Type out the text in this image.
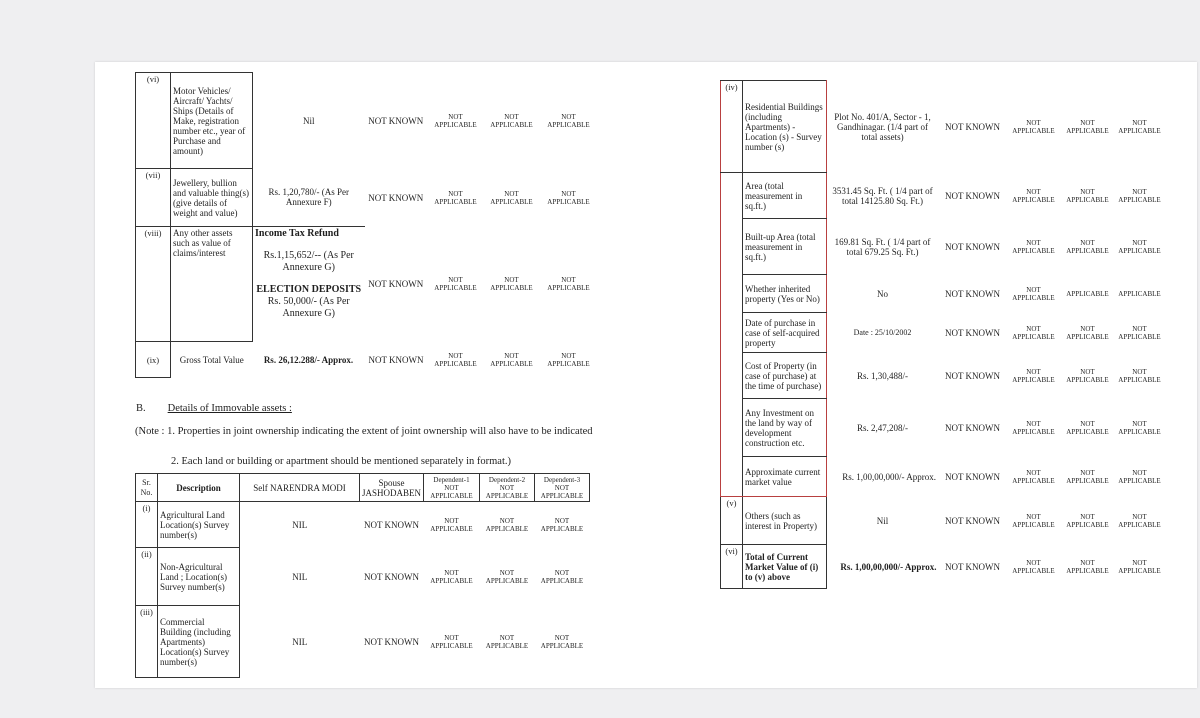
(vi)	Motor Vehicles/ Aircraft/ Yachts/ Ships (Details of Make, registration number etc., year of Purchase and amount)	Nil	NOT KNOWN	NOT APPLICABLE	NOT APPLICABLE	NOT APPLICABLE
(vii)	Jewellery, bullion and valuable thing(s) (give details of weight and value)	Rs. 1,20,780/- (As Per Annexure F)	NOT KNOWN	NOT APPLICABLE	NOT APPLICABLE	NOT APPLICABLE
(viii)	Any other assets such as value of claims/interest	Income Tax Refund
Rs.1,15,652/-- (As Per Annexure G)
ELECTION DEPOSITS
Rs. 50,000/- (As Per Annexure G)	NOT KNOWN	NOT APPLICABLE	NOT APPLICABLE	NOT APPLICABLE
(ix)	Gross Total Value	Rs. 26,12.288/- Approx.	NOT KNOWN	NOT APPLICABLE	NOT APPLICABLE	NOT APPLICABLE
B. Details of Immovable assets :
(Note : 1. Properties in joint ownership indicating the extent of joint ownership will also have to be indicated
2. Each land or building or apartment should be mentioned separately in format.)
Sr. No.	Description	Self NARENDRA MODI	Spouse JASHODABEN	Dependent-1 NOT APPLICABLE	Dependent-2 NOT APPLICABLE	Dependent-3 NOT APPLICABLE
(i)	Agricultural Land Location(s) Survey number(s)	NIL	NOT KNOWN	NOT APPLICABLE	NOT APPLICABLE	NOT APPLICABLE
(ii)	Non-Agricultural Land ; Location(s) Survey number(s)	NIL	NOT KNOWN	NOT APPLICABLE	NOT APPLICABLE	NOT APPLICABLE
(iii)	Commercial Building (including Apartments) Location(s) Survey number(s)	NIL	NOT KNOWN	NOT APPLICABLE	NOT APPLICABLE	NOT APPLICABLE
(iv)	Residential Buildings (including Apartments) - Location (s) - Survey number (s)	Plot No. 401/A, Sector - 1, Gandhinagar. (1/4 part of total assets)	NOT KNOWN	NOT APPLICABLE	NOT APPLICABLE	NOT APPLICABLE
	Area (total measurement in sq.ft.)	3531.45 Sq. Ft. ( 1/4 part of total 14125.80 Sq. Ft.)	NOT KNOWN	NOT APPLICABLE	NOT APPLICABLE	NOT APPLICABLE
	Built-up Area (total measurement in sq.ft.)	169.81 Sq. Ft. ( 1/4 part of total 679.25 Sq. Ft.)	NOT KNOWN	NOT APPLICABLE	NOT APPLICABLE	NOT APPLICABLE
	Whether inherited property (Yes or No)	No	NOT KNOWN	NOT APPLICABLE	APPLICABLE	APPLICABLE
	Date of purchase in case of self-acquired property	Date : 25/10/2002	NOT KNOWN	NOT APPLICABLE	NOT APPLICABLE	NOT APPLICABLE
	Cost of Property (in case of purchase) at the time of purchase)	Rs. 1,30,488/-	NOT KNOWN	NOT APPLICABLE	NOT APPLICABLE	NOT APPLICABLE
	Any Investment on the land by way of development construction etc.	Rs. 2,47,208/-	NOT KNOWN	NOT APPLICABLE	NOT APPLICABLE	NOT APPLICABLE
	Approximate current market value	Rs. 1,00,00,000/- Approx.	NOT KNOWN	NOT APPLICABLE	NOT APPLICABLE	NOT APPLICABLE
(v)	Others (such as interest in Property)	Nil	NOT KNOWN	NOT APPLICABLE	NOT APPLICABLE	NOT APPLICABLE
(vi)	Total of Current Market Value of (i) to (v) above	Rs. 1,00,00,000/- Approx.	NOT KNOWN	NOT APPLICABLE	NOT APPLICABLE	NOT APPLICABLE
